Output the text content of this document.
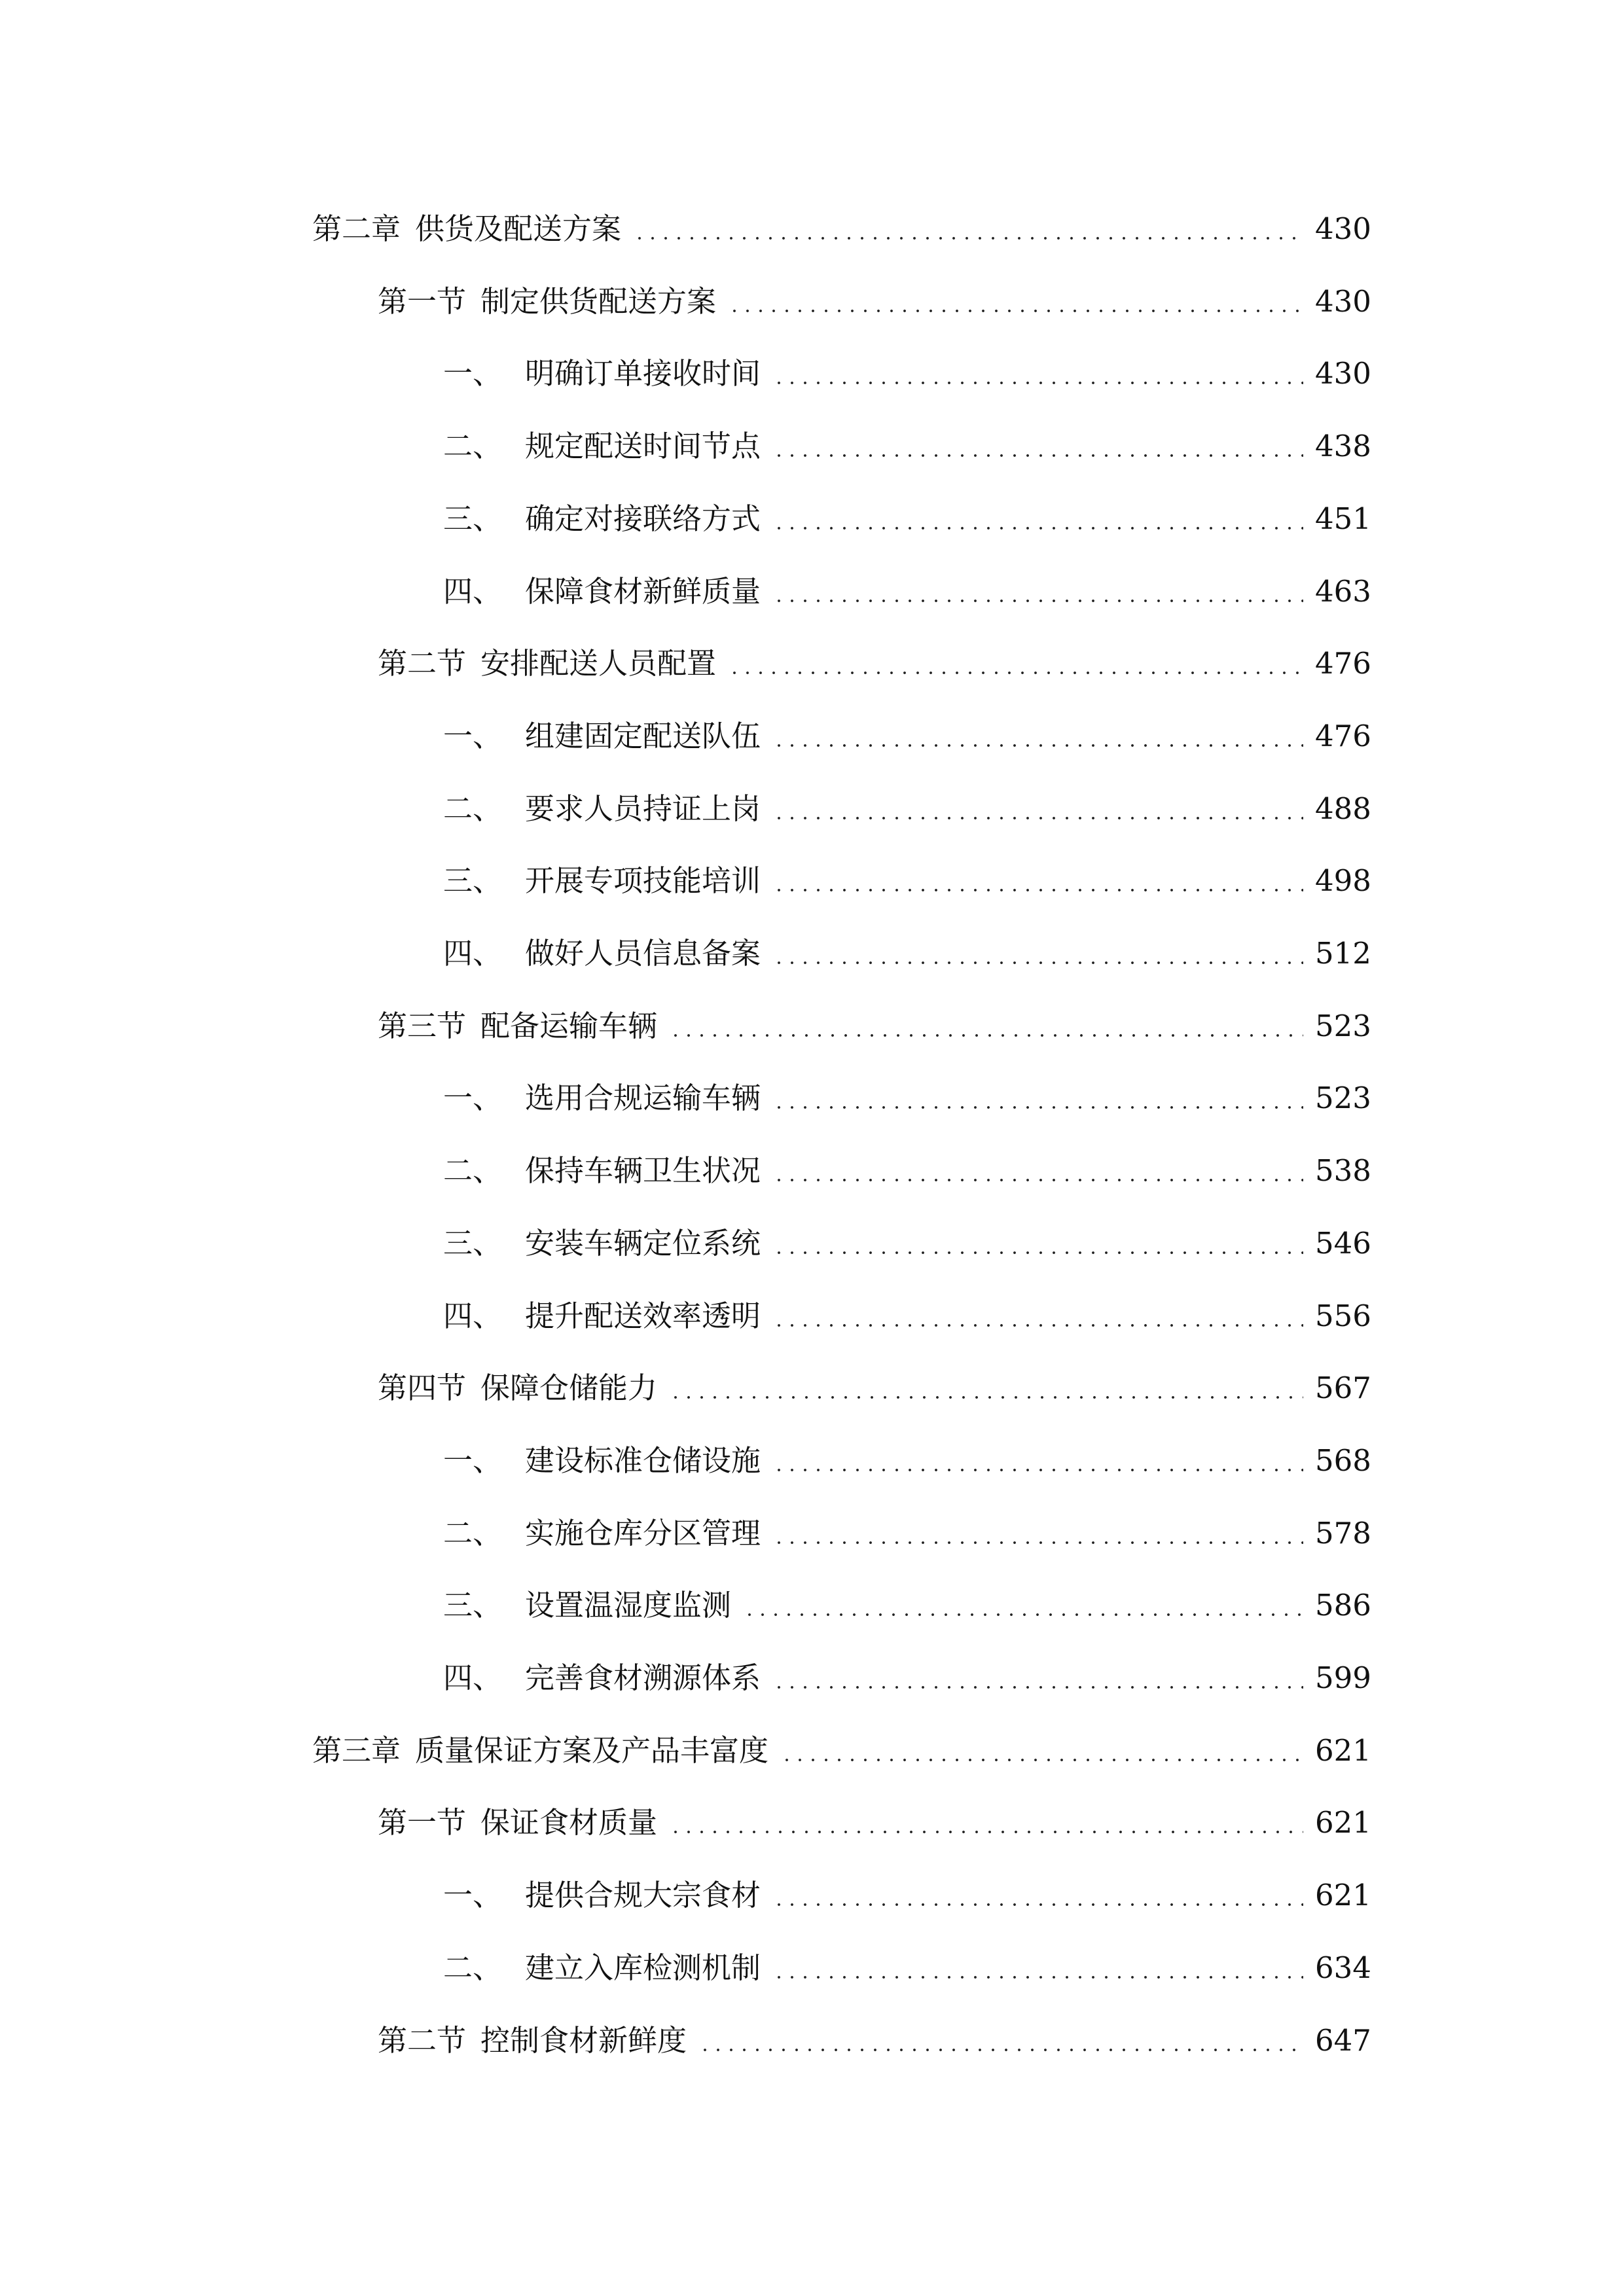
第二章 供货及配送方案	430
第一节 制定供货配送方案	430
一、 明确订单接收时间	430
二、 规定配送时间节点	438
三、 确定对接联络方式	451
四、 保障食材新鲜质量	463
第二节 安排配送人员配置	476
一、 组建固定配送队伍	476
二、 要求人员持证上岗	488
三、 开展专项技能培训	498
四、 做好人员信息备案	512
第三节 配备运输车辆	523
一、 选用合规运输车辆	523
二、 保持车辆卫生状况	538
三、 安装车辆定位系统	546
四、 提升配送效率透明	556
第四节 保障仓储能力	567
一、 建设标准仓储设施	568
二、 实施仓库分区管理	578
三、 设置温湿度监测	586
四、 完善食材溯源体系	599
第三章 质量保证方案及产品丰富度	621
第一节 保证食材质量	621
一、 提供合规大宗食材	621
二、 建立入库检测机制	634
第二节 控制食材新鲜度	647
